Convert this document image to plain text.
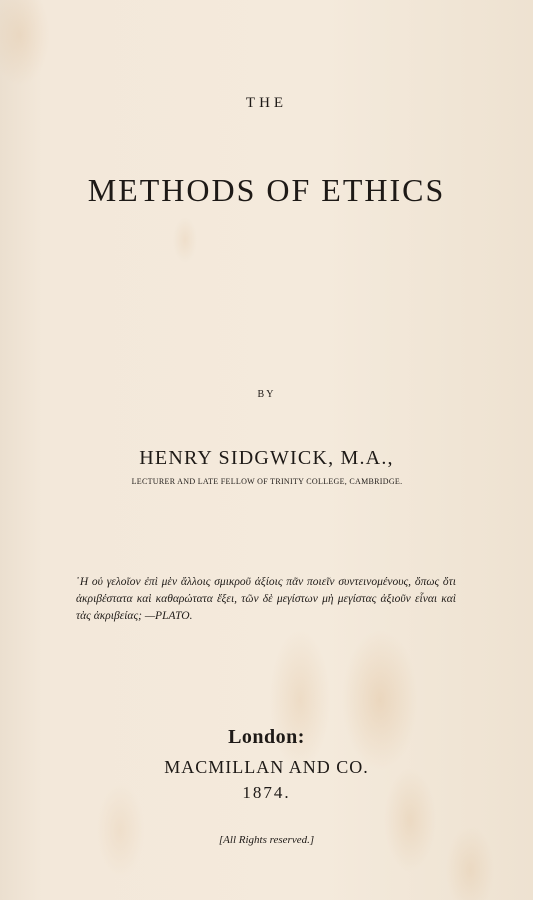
THE
METHODS OF ETHICS
BY
HENRY SIDGWICK, M.A.,
LECTURER AND LATE FELLOW OF TRINITY COLLEGE, CAMBRIDGE.
῾Η οὐ γελοῖον ἐπὶ μὲν ἄλλοις σμικροῦ ἀξίοις πᾶν ποιεῖν συντεινομένους, ὅπως ὅτι ἀκριβέστατα καὶ καθαρώτατα ἕξει, τῶν δὲ μεγίστων μὴ μεγίστας ἀξιοῦν εἶναι καὶ τὰς ἀκριβείας; —PLATO.
London:
MACMILLAN AND CO.
1874.
[All Rights reserved.]
